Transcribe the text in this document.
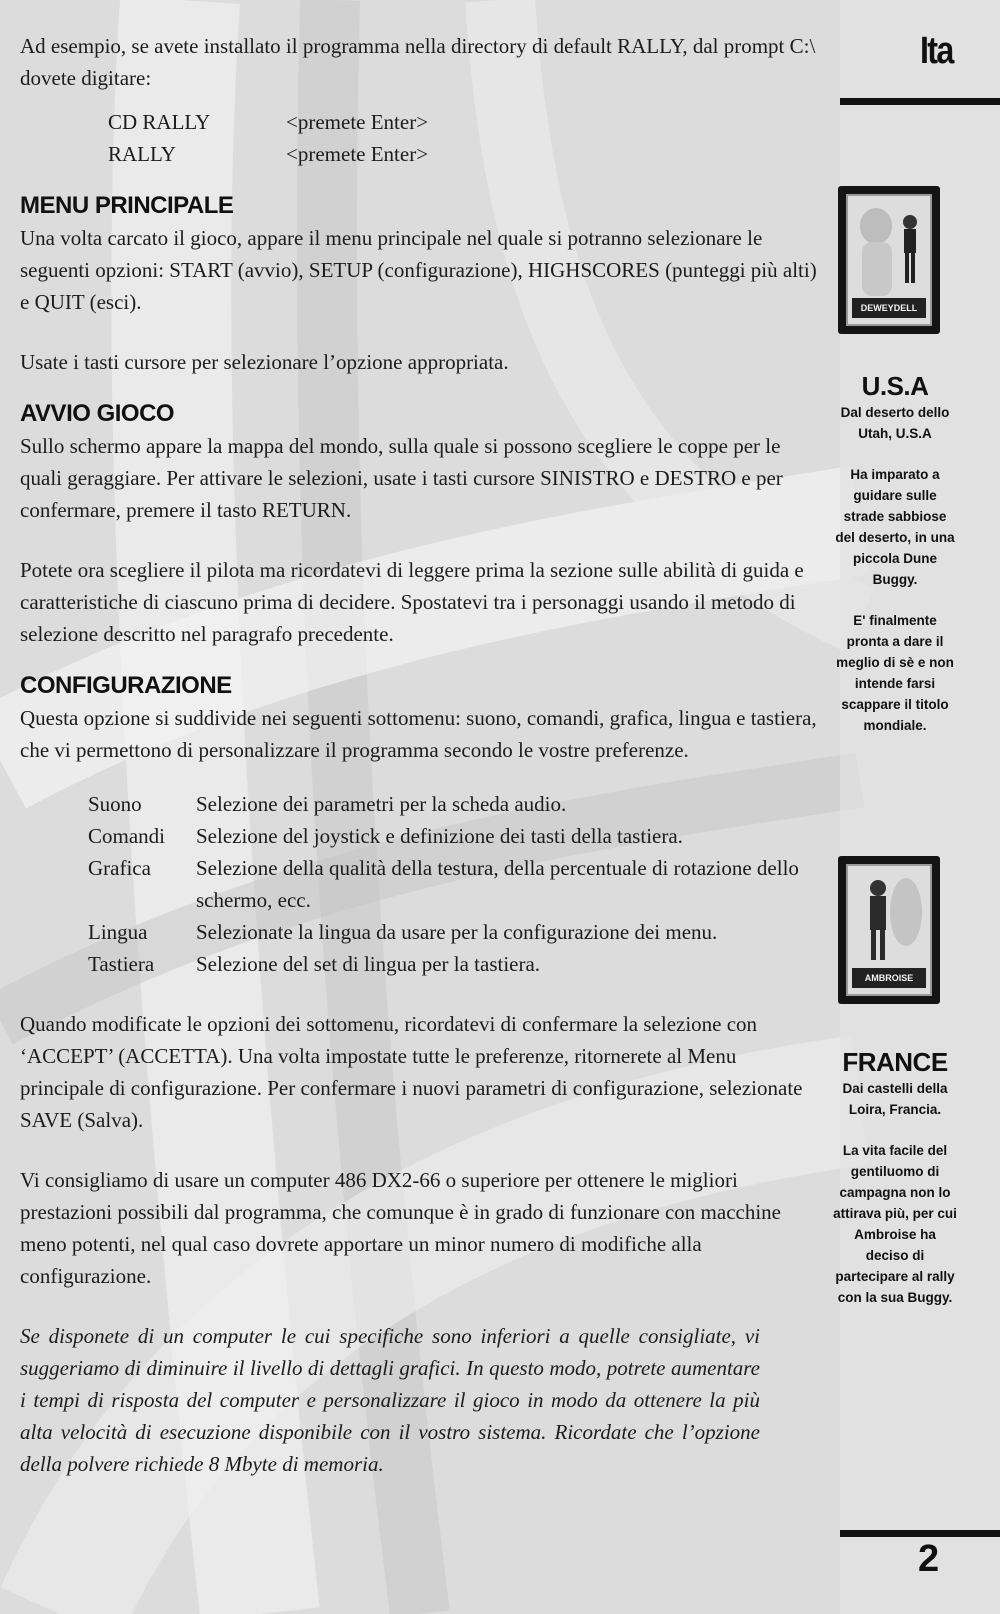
Ad esempio, se avete installato il programma nella directory di default RALLY, dal prompt C:\ dovete digitare:

CD RALLY	<premete Enter>
RALLY	<premete Enter>
MENU PRINCIPALE

Una volta carcato il gioco, appare il menu principale nel quale si potranno selezionare le seguenti opzioni: START (avvio), SETUP (configurazione), HIGHSCORES (punteggi più alti) e QUIT (esci).

Usate i tasti cursore per selezionare l’opzione appropriata.

AVVIO GIOCO

Sullo schermo appare la mappa del mondo, sulla quale si possono scegliere le coppe per le quali geraggiare. Per attivare le selezioni, usate i tasti cursore SINISTRO e DESTRO e per confermare, premere il tasto RETURN.

Potete ora scegliere il pilota ma ricordatevi di leggere prima la sezione sulle abilità di guida e caratteristiche di ciascuno prima di decidere. Spostatevi tra i personaggi usando il metodo di selezione descritto nel paragrafo precedente.

CONFIGURAZIONE

Questa opzione si suddivide nei seguenti sottomenu: suono, comandi, grafica, lingua e tastiera, che vi permettono di personalizzare il programma secondo le vostre preferenze.

Suono	Selezione dei parametri per la scheda audio.
Comandi	Selezione del joystick e definizione dei tasti della tastiera.
Grafica	Selezione della qualità della testura, della percentuale di rotazione dello schermo, ecc.
Lingua	Selezionate la lingua da usare per la configurazione dei menu.
Tastiera	Selezione del set di lingua per la tastiera.

Quando modificate le opzioni dei sottomenu, ricordatevi di confermare la selezione con ‘ACCEPT’ (ACCETTA). Una volta impostate tutte le preferenze, ritornerete al Menu principale di configurazione. Per confermare i nuovi parametri di configurazione, selezionate SAVE (Salva).

Vi consigliamo di usare un computer 486 DX2-66 o superiore per ottenere le migliori prestazioni possibili dal programma, che comunque è in grado di funzionare con macchine meno potenti, nel qual caso dovrete apportare un minor numero di modifiche alla configurazione.

Se disponete di un computer le cui specifiche sono inferiori a quelle consigliate, vi suggeriamo di diminuire il livello di dettagli grafici. In questo modo, potrete aumentare i tempi di risposta del computer e personalizzare il gioco in modo da ottenere la più alta velocità di esecuzione disponibile con il vostro sistema. Ricordate che l’opzione della polvere richiede 8 Mbyte di memoria.

Ita
DEWEYDELL
U.S.A

Dal deserto dello Utah, U.S.A

Ha imparato a guidare sulle strade sabbiose del deserto, in una piccola Dune Buggy.

E' finalmente pronta a dare il meglio di sè e non intende farsi scappare il titolo mondiale.

AMBROISE
FRANCE

Dai castelli della Loira, Francia.

La vita facile del gentiluomo di campagna non lo attirava più, per cui Ambroise ha deciso di partecipare al rally con la sua Buggy.

2
